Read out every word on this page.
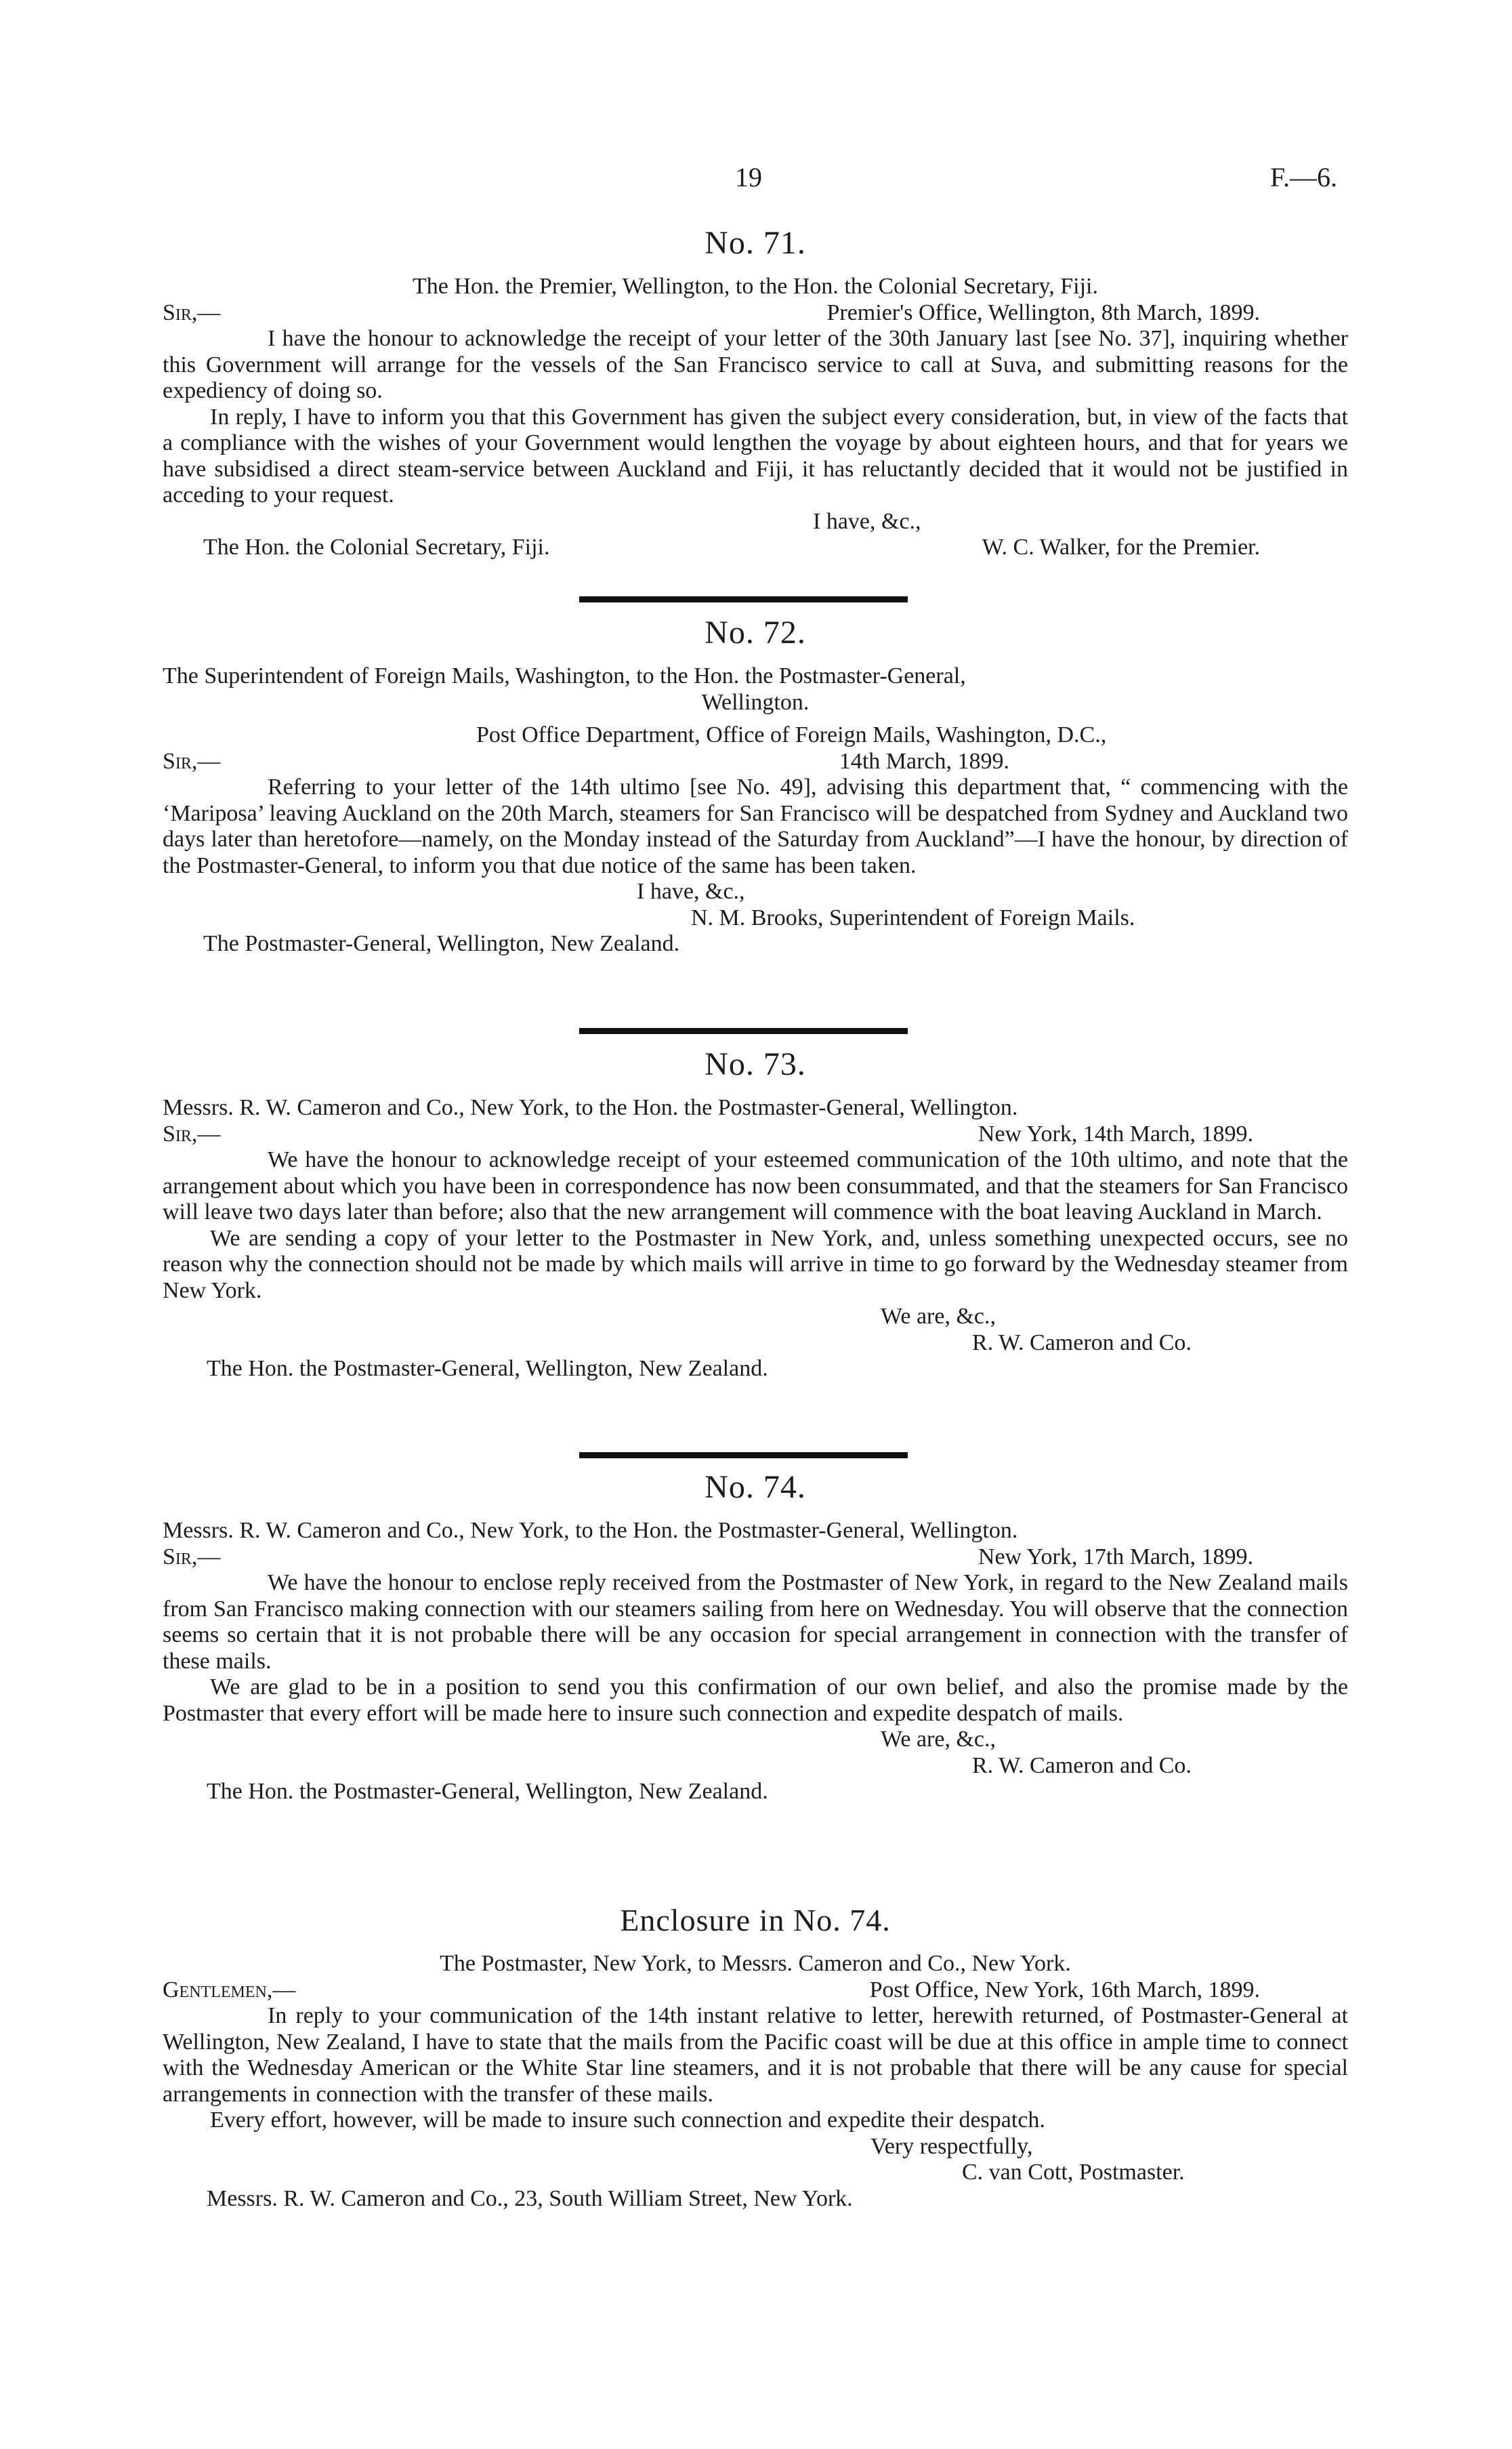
19	F.—6.

No. 71.

The Hon. the Premier, Wellington, to the Hon. the Colonial Secretary, Fiji.

Sir,—	Premier's Office, Wellington, 8th March, 1899.

I have the honour to acknowledge the receipt of your letter of the 30th January last [see No. 37], inquiring whether this Government will arrange for the vessels of the San Francisco service to call at Suva, and submitting reasons for the expediency of doing so.

In reply, I have to inform you that this Government has given the subject every consideration, but, in view of the facts that a compliance with the wishes of your Government would lengthen the voyage by about eighteen hours, and that for years we have subsidised a direct steam-service between Auckland and Fiji, it has reluctantly decided that it would not be justified in acceding to your request.

I have, &c.,

The Hon. the Colonial Secretary, Fiji.	W. C. Walker, for the Premier.

No. 72.

The Superintendent of Foreign Mails, Washington, to the Hon. the Postmaster-General,

Wellington.

Post Office Department, Office of Foreign Mails, Washington, D.C.,

Sir,—	14th March, 1899.

Referring to your letter of the 14th ultimo [see No. 49], advising this department that, “ commencing with the ‘Mariposa’ leaving Auckland on the 20th March, steamers for San Francisco will be despatched from Sydney and Auckland two days later than heretofore—namely, on the Monday instead of the Saturday from Auckland”—I have the honour, by direction of the Postmaster-General, to inform you that due notice of the same has been taken.

I have, &c.,

N. M. Brooks, Superintendent of Foreign Mails.

The Postmaster-General, Wellington, New Zealand.

No. 73.

Messrs. R. W. Cameron and Co., New York, to the Hon. the Postmaster-General, Wellington.

Sir,—	New York, 14th March, 1899.

We have the honour to acknowledge receipt of your esteemed communication of the 10th ultimo, and note that the arrangement about which you have been in correspondence has now been consummated, and that the steamers for San Francisco will leave two days later than before; also that the new arrangement will commence with the boat leaving Auckland in March.

We are sending a copy of your letter to the Postmaster in New York, and, unless something unexpected occurs, see no reason why the connection should not be made by which mails will arrive in time to go forward by the Wednesday steamer from New York.

We are, &c.,

R. W. Cameron and Co.

The Hon. the Postmaster-General, Wellington, New Zealand.

No. 74.

Messrs. R. W. Cameron and Co., New York, to the Hon. the Postmaster-General, Wellington.

Sir,—	New York, 17th March, 1899.

We have the honour to enclose reply received from the Postmaster of New York, in regard to the New Zealand mails from San Francisco making connection with our steamers sailing from here on Wednesday. You will observe that the connection seems so certain that it is not probable there will be any occasion for special arrangement in connection with the transfer of these mails.

We are glad to be in a position to send you this confirmation of our own belief, and also the promise made by the Postmaster that every effort will be made here to insure such connection and expedite despatch of mails.

We are, &c.,

R. W. Cameron and Co.

The Hon. the Postmaster-General, Wellington, New Zealand.

Enclosure in No. 74.

The Postmaster, New York, to Messrs. Cameron and Co., New York.

Gentlemen,—	Post Office, New York, 16th March, 1899.

In reply to your communication of the 14th instant relative to letter, herewith returned, of Postmaster-General at Wellington, New Zealand, I have to state that the mails from the Pacific coast will be due at this office in ample time to connect with the Wednesday American or the White Star line steamers, and it is not probable that there will be any cause for special arrangements in connection with the transfer of these mails.

Every effort, however, will be made to insure such connection and expedite their despatch.

Very respectfully,

C. van Cott, Postmaster.

Messrs. R. W. Cameron and Co., 23, South William Street, New York.
